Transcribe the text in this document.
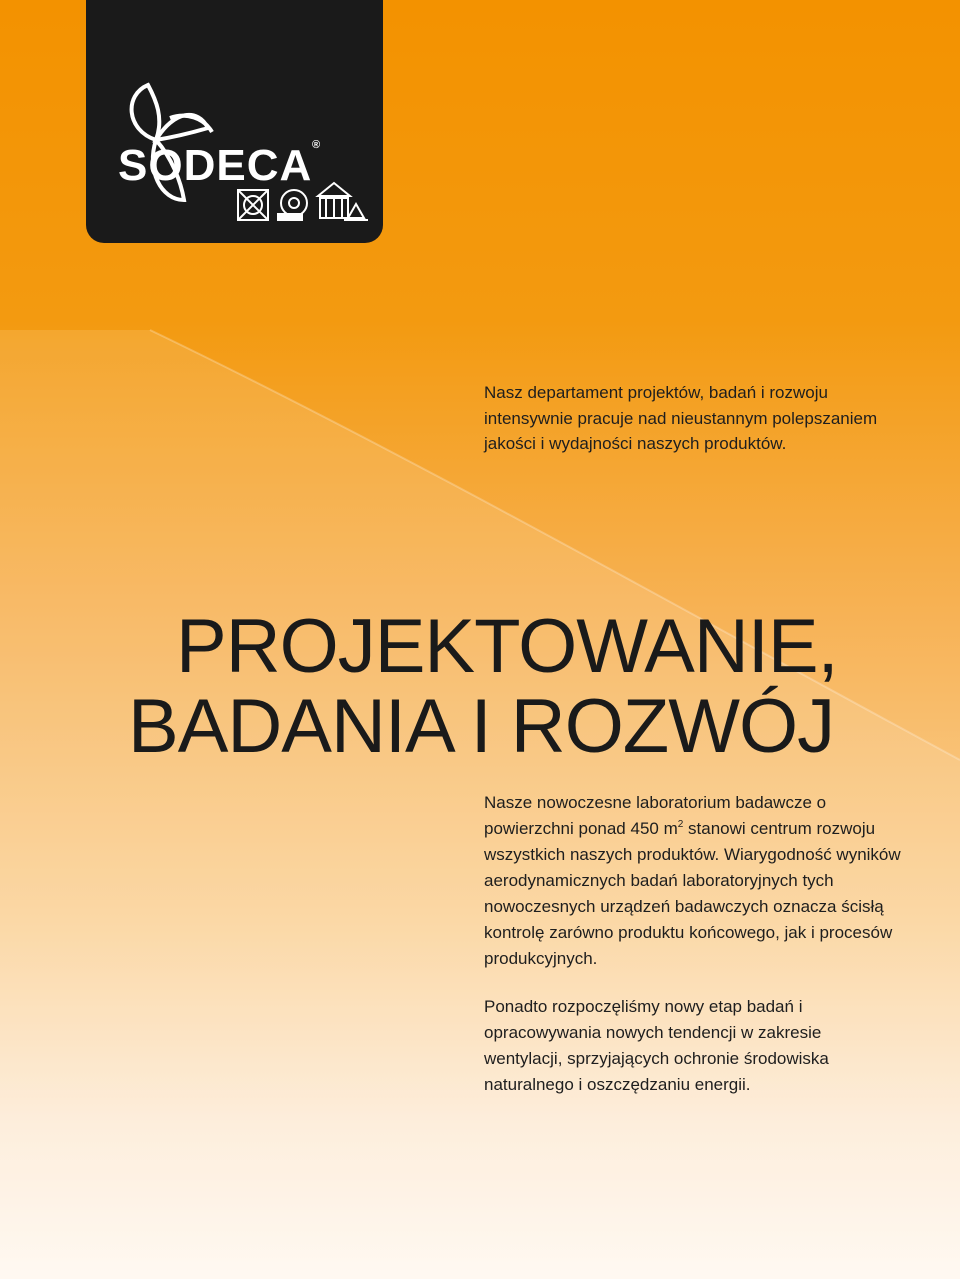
SODECA ®
Nasz departament projektów, badań i rozwoju intensywnie pracuje nad nieustannym polepszaniem jakości i wydajności naszych produktów.
PROJEKTOWANIE,
BADANIA I ROZWÓJ

Nasze nowoczesne laboratorium badawcze o powierzchni ponad 450 $m^2$ stanowi centrum rozwoju wszystkich naszych produktów. Wiarygodność wyników aerodynamicznych badań laboratoryjnych tych nowoczesnych urządzeń badawczych oznacza ścisłą kontrolę zarówno produktu końcowego, jak i procesów produkcyjnych.

Ponadto rozpoczęliśmy nowy etap badań i opracowywania nowych tendencji w zakresie wentylacji, sprzyjających ochronie środowiska naturalnego i oszczędzaniu energii.
